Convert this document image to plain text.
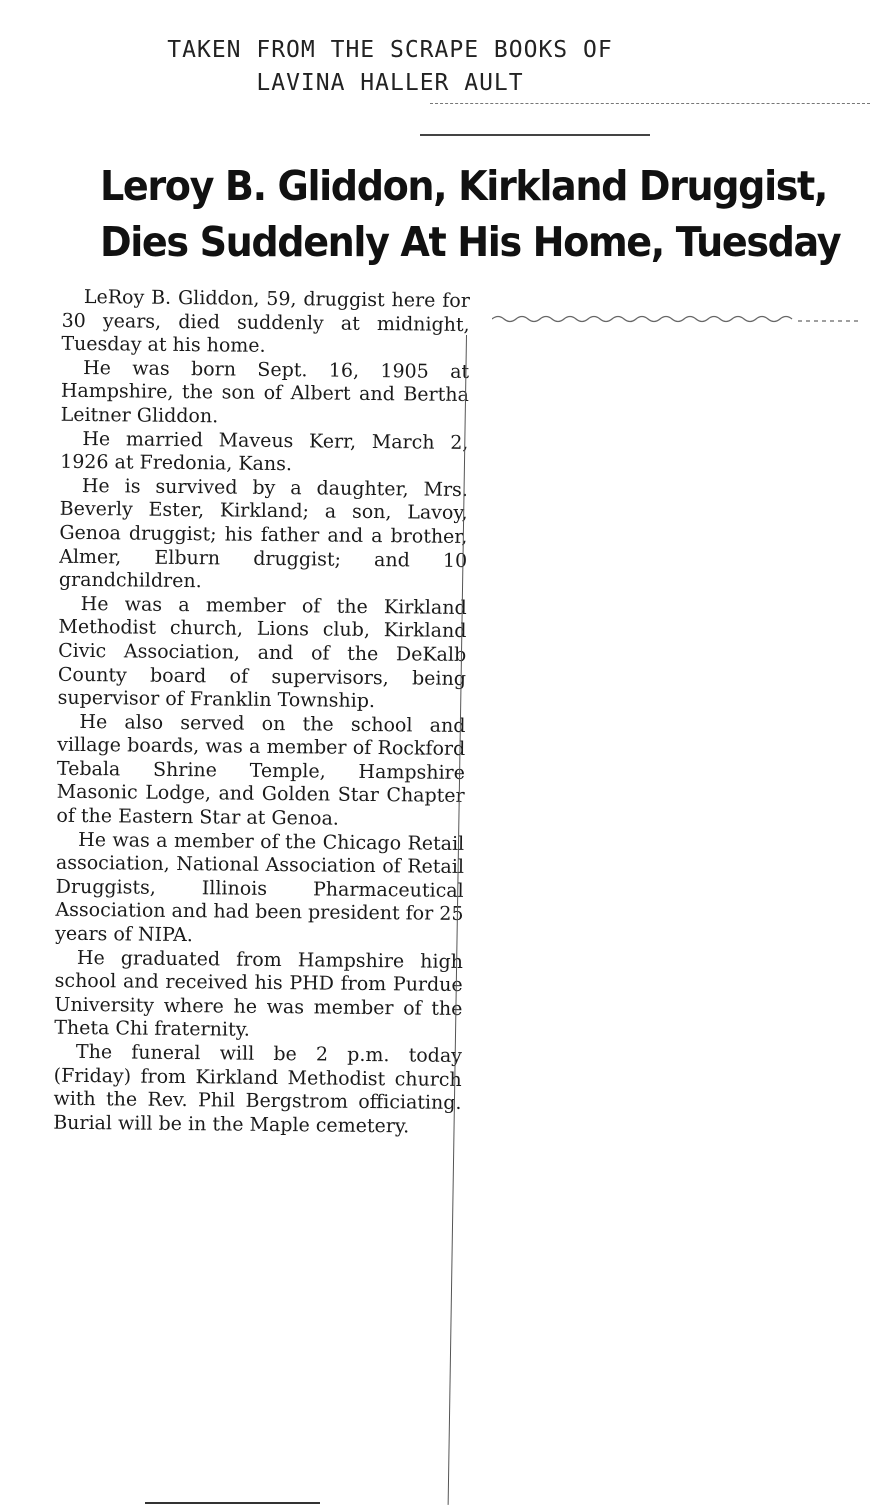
TAKEN FROM THE SCRAPE BOOKS OF
LAVINA HALLER AULT
Leroy B. Gliddon, Kirkland Druggist,
Dies Suddenly At His Home, Tuesday

LeRoy B. Gliddon, 59, druggist here for 30 years, died suddenly at midnight, Tuesday at his home.

He was born Sept. 16, 1905 at Hampshire, the son of Albert and Bertha Leitner Gliddon.

He married Maveus Kerr, March 2, 1926 at Fredonia, Kans.

He is survived by a daughter, Mrs. Beverly Ester, Kirkland; a son, Lavoy, Genoa druggist; his father and a brother, Almer, Elburn druggist; and 10 grandchildren.

He was a member of the Kirkland Methodist church, Lions club, Kirkland Civic Association, and of the DeKalb County board of supervisors, being supervisor of Franklin Township.

He also served on the school and village boards, was a member of Rockford Tebala Shrine Temple, Hampshire Masonic Lodge, and Golden Star Chapter of the Eastern Star at Genoa.

He was a member of the Chicago Retail association, National Association of Retail Druggists, Illinois Pharmaceutical Association and had been president for 25 years of NIPA.

He graduated from Hampshire high school and received his PHD from Purdue University where he was member of the Theta Chi fraternity.

The funeral will be 2 p.m. today (Friday) from Kirkland Methodist church with the Rev. Phil Bergstrom officiating. Burial will be in the Maple cemetery.
